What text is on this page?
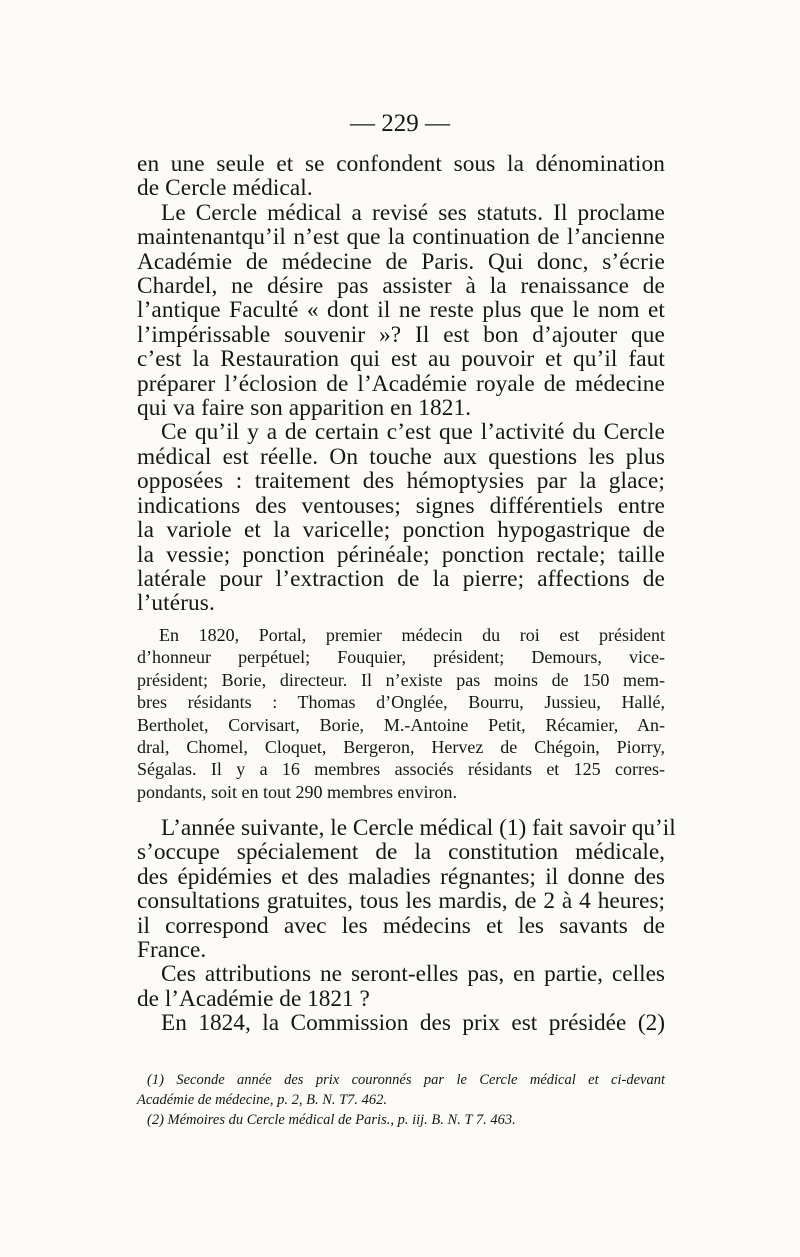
— 229 —
en une seule et se confondent sous la dénomination
de Cercle médical.
Le Cercle médical a revisé ses statuts. Il proclame
maintenantqu’il n’est que la continuation de l’ancienne
Académie de médecine de Paris. Qui donc, s’écrie
Chardel, ne désire pas assister à la renaissance de
l’antique Faculté « dont il ne reste plus que le nom et
l’impérissable souvenir »? Il est bon d’ajouter que
c’est la Restauration qui est au pouvoir et qu’il faut
préparer l’éclosion de l’Académie royale de médecine
qui va faire son apparition en 1821.
Ce qu’il y a de certain c’est que l’activité du Cercle
médical est réelle. On touche aux questions les plus
opposées : traitement des hémoptysies par la glace;
indications des ventouses; signes différentiels entre
la variole et la varicelle; ponction hypogastrique de
la vessie; ponction périnéale; ponction rectale; taille
latérale pour l’extraction de la pierre; affections de
l’utérus.
En 1820, Portal, premier médecin du roi est président
d’honneur perpétuel; Fouquier, président; Demours, vice-
président; Borie, directeur. Il n’existe pas moins de 150 mem-
bres résidants : Thomas d’Onglée, Bourru, Jussieu, Hallé,
Bertholet, Corvisart, Borie, M.-Antoine Petit, Récamier, An-
dral, Chomel, Cloquet, Bergeron, Hervez de Chégoin, Piorry,
Ségalas. Il y a 16 membres associés résidants et 125 corres-
pondants, soit en tout 290 membres environ.
L’année suivante, le Cercle médical (1) fait savoir qu’il
s’occupe spécialement de la constitution médicale,
des épidémies et des maladies régnantes; il donne des
consultations gratuites, tous les mardis, de 2 à 4 heures;
il correspond avec les médecins et les savants de
France.
Ces attributions ne seront-elles pas, en partie, celles
de l’Académie de 1821 ?
En 1824, la Commission des prix est présidée (2)
(1) Seconde année des prix couronnés par le Cercle médical et ci-devant
Académie de médecine, p. 2, B. N. T7. 462.
(2) Mémoires du Cercle médical de Paris., p. iij. B. N. T 7. 463.
